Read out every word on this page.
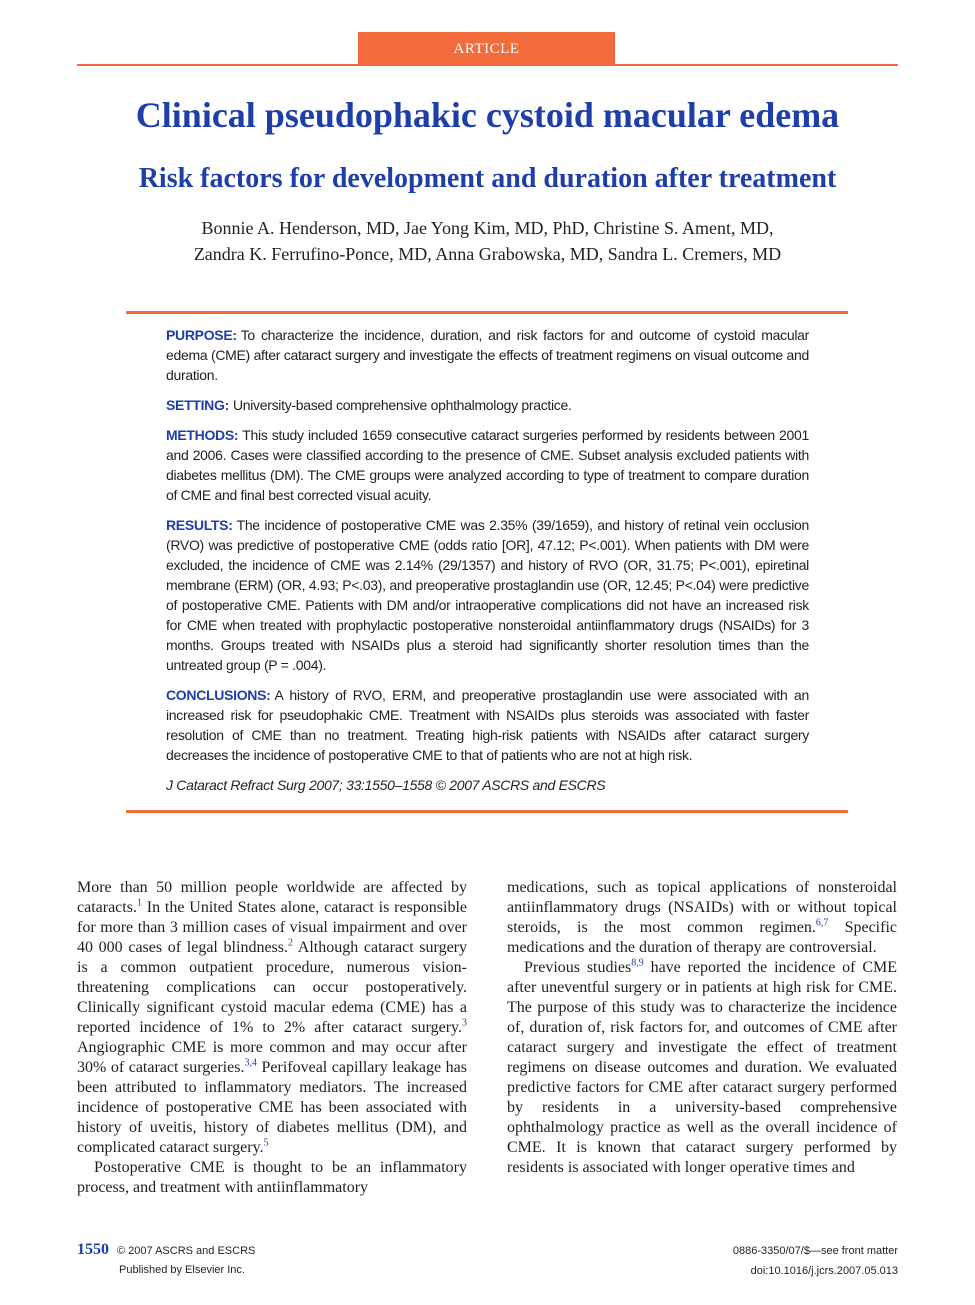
ARTICLE
Clinical pseudophakic cystoid macular edema
Risk factors for development and duration after treatment
Bonnie A. Henderson, MD, Jae Yong Kim, MD, PhD, Christine S. Ament, MD,
Zandra K. Ferrufino-Ponce, MD, Anna Grabowska, MD, Sandra L. Cremers, MD

PURPOSE: To characterize the incidence, duration, and risk factors for and outcome of cystoid macular edema (CME) after cataract surgery and investigate the effects of treatment regimens on visual outcome and duration.

SETTING: University-based comprehensive ophthalmology practice.

METHODS: This study included 1659 consecutive cataract surgeries performed by residents between 2001 and 2006. Cases were classified according to the presence of CME. Subset analysis excluded patients with diabetes mellitus (DM). The CME groups were analyzed according to type of treatment to compare duration of CME and final best corrected visual acuity.

RESULTS: The incidence of postoperative CME was 2.35% (39/1659), and history of retinal vein occlusion (RVO) was predictive of postoperative CME (odds ratio [OR], 47.12; P<.001). When patients with DM were excluded, the incidence of CME was 2.14% (29/1357) and history of RVO (OR, 31.75; P<.001), epiretinal membrane (ERM) (OR, 4.93; P<.03), and preoperative prostaglandin use (OR, 12.45; P<.04) were predictive of postoperative CME. Patients with DM and/or intraoperative complications did not have an increased risk for CME when treated with prophylactic postoperative nonsteroidal antiinflammatory drugs (NSAIDs) for 3 months. Groups treated with NSAIDs plus a steroid had significantly shorter resolution times than the untreated group (P = .004).

CONCLUSIONS: A history of RVO, ERM, and preoperative prostaglandin use were associated with an increased risk for pseudophakic CME. Treatment with NSAIDs plus steroids was associated with faster resolution of CME than no treatment. Treating high-risk patients with NSAIDs after cataract surgery decreases the incidence of postoperative CME to that of patients who are not at high risk.

J Cataract Refract Surg 2007; 33:1550–1558 © 2007 ASCRS and ESCRS

More than 50 million people worldwide are affected by cataracts.$^1$ In the United States alone, cataract is responsible for more than 3 million cases of visual impairment and over 40 000 cases of legal blindness.$^2$ Although cataract surgery is a common outpatient procedure, numerous vision-threatening complications can occur postoperatively. Clinically significant cystoid macular edema (CME) has a reported incidence of 1% to 2% after cataract surgery.$^3$ Angiographic CME is more common and may occur after 30% of cataract surgeries.$^{3,4}$ Perifoveal capillary leakage has been attributed to inflammatory mediators. The increased incidence of postoperative CME has been associated with history of uveitis, history of diabetes mellitus (DM), and complicated cataract surgery.$^5$

Postoperative CME is thought to be an inflammatory process, and treatment with antiinflammatory

medications, such as topical applications of nonsteroidal antiinflammatory drugs (NSAIDs) with or without topical steroids, is the most common regimen.$^{6,7}$ Specific medications and the duration of therapy are controversial.

Previous studies$^{8,9}$ have reported the incidence of CME after uneventful surgery or in patients at high risk for CME. The purpose of this study was to characterize the incidence of, duration of, risk factors for, and outcomes of CME after cataract surgery and investigate the effect of treatment regimens on disease outcomes and duration. We evaluated predictive factors for CME after cataract surgery performed by residents in a university-based comprehensive ophthalmology practice as well as the overall incidence of CME. It is known that cataract surgery performed by residents is associated with longer operative times and

1550 © 2007 ASCRS and ESCRS
Published by Elsevier Inc.
0886-3350/07/$—see front matter
doi:10.1016/j.jcrs.2007.05.013
